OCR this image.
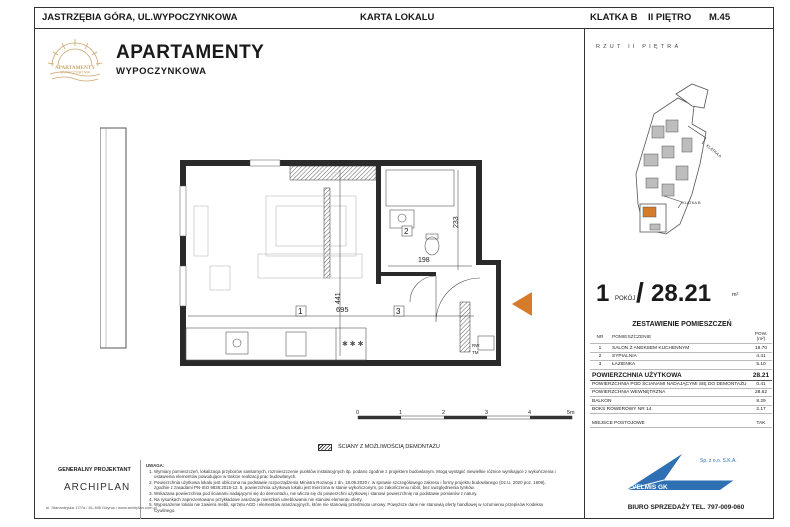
JASTRZĘBIA GÓRA, UL.WYPOCZYNKOWA	KARTA LOKALU	KLATKA B II PIĘTRO M.45
APARTAMENTY
WYPOCZYNKOWA
APARTAMENTY
WYPOCZYNKOWA
RZUT II PIĘTRA
KLATKA A
KLATKA B
1 POKÓJ / 28.21	m²
ZESTAWIENIE POMIESZCZEŃ
NR	POMIESZCZENIE	POW. (m²)
1	SALON Z ANEKSEM KUCHENNYM	18.70
2	SYPIALNIA	4.41
3	ŁAZIENKA	5.10
POWIERZCHNIA UŻYTKOWA		28.21
POWIERZCHNIA POD ŚCIANAMI NADAJĄCYMI SIĘ DO DEMONTAŻU		0.41
POWIERZCHNIA WEWNĘTRZNA		28.62
BALKON		8.29
BOKS ROWEROWY NR 14		2.17

MIEJSCE POSTOJOWE		TAK
✱ ✱ ✱
441
695
198
233
1	3
2
RW
TM
0	1	2	3	4	5m
ŚCIANY Z MOŻLIWOŚCIĄ DEMONTAŻU
GENERALNY PROJEKTANT
ARCHIPLAN
ul. Starowiejska 17/7a / 81-356 Gdynia / www.archiplan.com.pl
UWAGA:
1. Wymiary pomieszczeń, lokalizacja przyborów sanitarnych, rozmieszczenie punktów instalacyjnych itp. podano zgodnie z projektem budowlanym. Mogą wystąpić niewielkie różnice wynikające z wykończenia i ustawienia elementów powodujące w trakcie realizacji prac budowlanych.
2. Powierzchnia użytkowa lokalu jest obliczona na podstawie rozporządzenia Ministra Rozwoju z dn. 18.09.2020 r. w sprawie szczegółowego zakresu i formy projektu budowlanego (Dz.U. 2020 poz. 1609), zgodnie z zasadami PN-ISO 9836:2015-12. 5, powierzchnia użytkowa lokalu jest mierzona w stanie wykończonym, po zakończeniu robót, bez uwzględnienia tynków.
3. Wskazana powierzchnia pod ścianami nadającymi się do demontażu, nie wlicza się do powierzchni użytkowej i stanowi powierzchnię na podstawie pomiarów z natury.
4. Na rysunkach zaprezentowano przykładowe aranżacje mieszkań umeblowanie nie stanowi elementu oferty.
5. Wyposażenie lokalu nie zawiera mebli, sprzętu AGD i elementów aranżacyjnych, które nie stanowią przedmiotu umowy. Powyższe dane nie stanowią oferty handlowej w rozumieniu przepisów Kodeksu Cywilnego.
VELMIS GK
Sp. z o.o. S.K.A.
BIURO SPRZEDAŻY TEL. 797-009-060
